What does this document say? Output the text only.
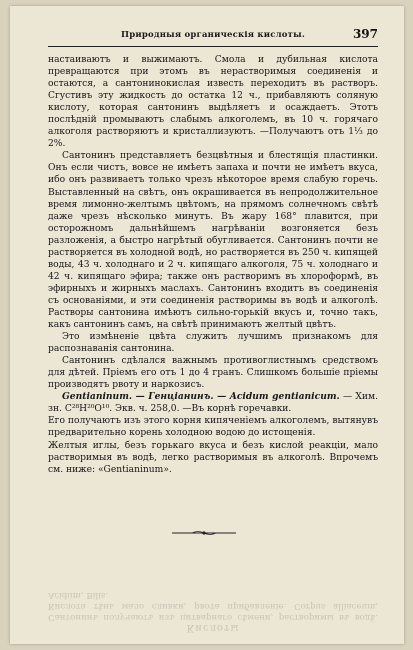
Природныя органическія кислоты.	397

настаиваютъ и выжимаютъ. Смола и дубильная кислота превращаются при этомъ въ нерастворимыя соединенія и остаются, а сантонинокислая известь переходитъ въ растворъ. Сгустивъ эту жидкость до остатка 12 ч., прибавляютъ соляную кислоту, которая сантонинъ выдѣляетъ и осаждаетъ. Этотъ послѣдній промываютъ слабымъ алкоголемъ, въ 10 ч. горячаго алкоголя растворяютъ и кристаллизуютъ. —Получаютъ отъ 1⅓ до 2%.

Сантонинъ представляетъ безцвѣтныя и блестящія пластинки. Онъ если чистъ, вовсе не имѣетъ запаха и почти не имѣетъ вкуса, ибо онъ развиваетъ только чрезъ нѣкоторое время слабую горечь. Выставленный на свѣтъ, онъ окрашивается въ непродолжительное время лимонно-желтымъ цвѣтомъ, на прямомъ солнечномъ свѣтѣ даже чрезъ нѣсколько минутъ. Въ жару 168° плавится, при осторожномъ дальнѣйшемъ нагрѣваніи возгоняется безъ разложенія, а быстро нагрѣтый обугливается. Сантонинъ почти не растворяется въ холодной водѣ, но растворяется въ 250 ч. кипящей воды, 43 ч. холоднаго и 2 ч. кипящаго алкоголя, 75 ч. холоднаго и 42 ч. кипящаго эфира; также онъ растворимъ въ хлороформѣ, въ эфирныхъ и жирныхъ маслахъ. Сантонинъ входитъ въ соединенія съ основаніями, и эти соединенія растворимы въ водѣ и алкоголѣ. Растворы сантонина имѣютъ сильно-горькій вкусъ и, точно такъ, какъ сантонинъ самъ, на свѣтѣ принимаютъ желтый цвѣтъ.

Это измѣненіе цвѣта служитъ лучшимъ признакомъ для распознаванія сантонина.

Сантонинъ сдѣлался важнымъ противоглистнымъ средствомъ для дѣтей. Пріемъ его отъ 1 до 4 гранъ. Слишкомъ большіе пріемы производятъ рвоту и наркозисъ.

Gentianinum. — Генціанинъ. — Acidum gentianicum. — Хим. зн. C²⁸H²⁰O¹⁰. Экв. ч. 258,0. —Въ корнѣ горечавки.

Его получаютъ изъ этого корня кипяченіемъ алкоголемъ, вытянувъ предварительно корень холодною водою до истощенія.

Желтыя иглы, безъ горькаго вкуса и безъ кислой реакціи, мало растворимыя въ водѣ, легко растворимыя въ алкоголѣ. Впрочемъ см. ниже: «Gentianinum».

Кислоты
Сантонинъ получаютъ изъ цитварнаго сѣмени, растворимы въ водѣ. Кислота тѣнь мало сливки, рвота прибавленіе. Corpus alliaceum, Acidum, Bilis.
